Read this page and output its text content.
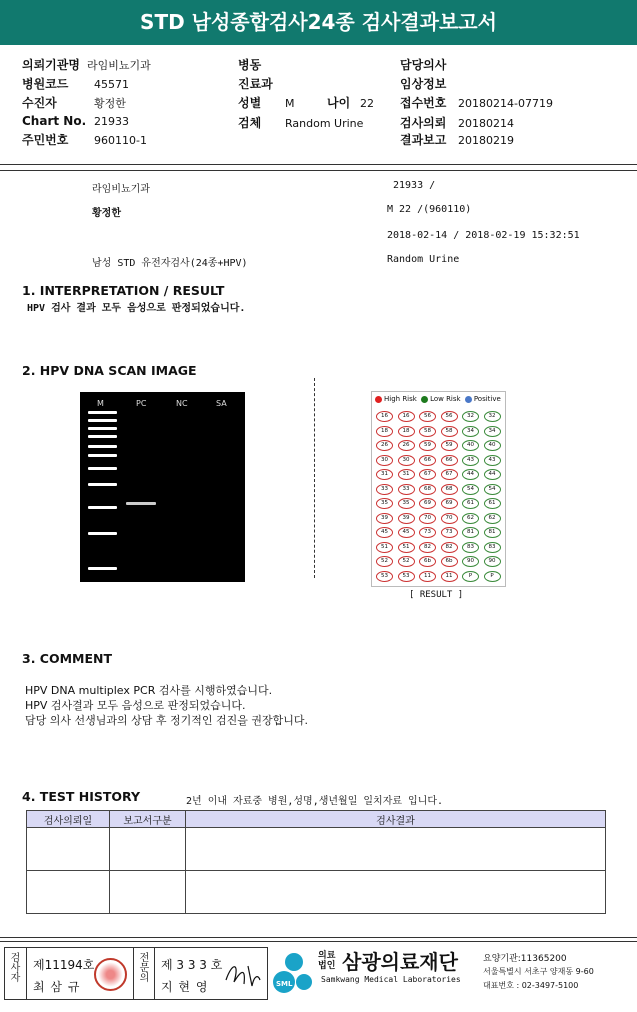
STD 남성종합검사24종 검사결과보고서
의뢰기관명 라임비뇨기과
병원코드 45571
수진자	황정한
Chart No. 21933
주민번호 960110-1
병동
진료과
성별 M	나이 22
검체 Random Urine
담당의사
임상정보
접수번호 20180214-07719
검사의뢰 20180214
결과보고 20180219
라임비뇨기과	21933 /
황정한	M 22 /(960110)
2018-02-14 / 2018-02-19 15:32:51
남성 STD 유전자검사(24종+HPV)	Random Urine
1. INTERPRETATION / RESULT
HPV 검사 결과 모두 음성으로 판정되었습니다.
2. HPV DNA SCAN IMAGE
M	PC	NC	SA	High Risk Low Risk Positive
16	16	56	56	32	32
18	18	58	58	34	34
26	26	59	59	40	40
30	30	66	66	43	43
31	31	67	67	44	44
33	33	68	68	54	54
35	35	69	69	61	61
39	39	70	70	62	62
45	45	73	73	81	81
51	51	82	82	83	83
52	52	6b	6b	90	90
53	53	11	11	P	P
[ RESULT ]
3. COMMENT
HPV DNA multiplex PCR 검사를 시행하였습니다.
HPV 검사결과 모두 음성으로 판정되었습니다.
담당 의사 선생님과의 상담 후 정기적인 검진을 권장합니다.
4. TEST HISTORY	2년 이내 자료중 병원,성명,생년월일 일치자료 입니다.
검사의뢰일	보고서구분	검사결과

검사자 제11194호
최 삼 규
전문의 제 3 3 3 호
지 현 영	SML
의료
법인 삼광의료재단
Samkwang Medical Laboratories
요양기관:11365200
서울특별시 서초구 양재동 9-60
대표번호 : 02-3497-5100
